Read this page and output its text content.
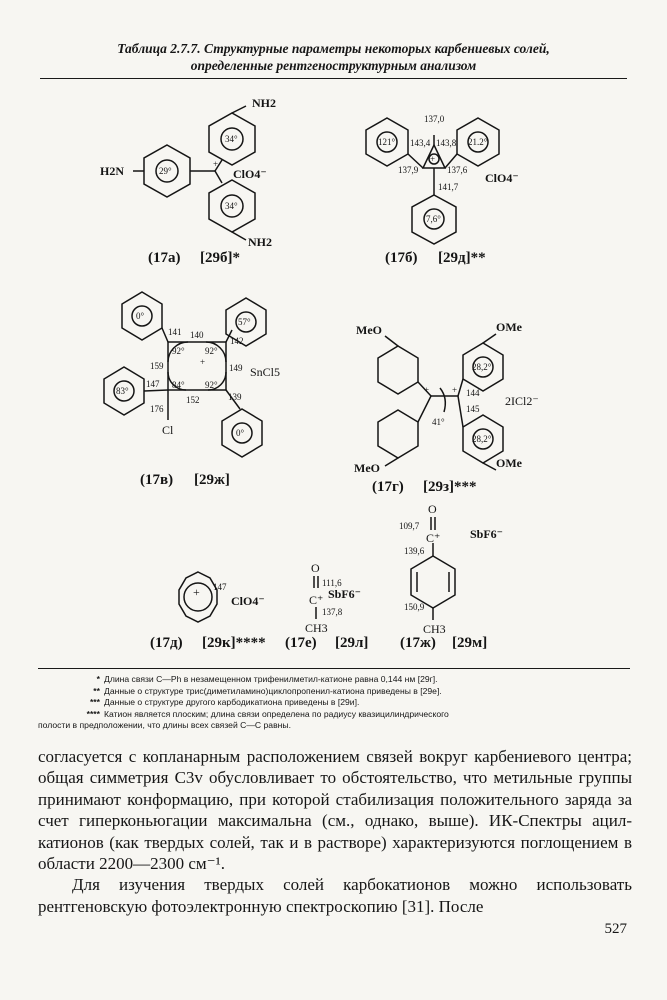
Таблица 2.7.7. Структурные параметры некоторых карбениевых солей,
определенные рентгеноструктурным анализом
NH2
H2N
NH2
ClO4⁻
+
34°
29°
34°
(17а) [29б]*
121°	21.2°
7,6°
137,0
143,4 143,8
137,9	137,6
141,7
+
ClO4⁻
(17б) [29д]**
0°
57°
83°
0°
92° 92°
84° 92°
141 140
142
159	149
147
152	139
176
+
SnCl5
Cl
(17в) [29ж]
MeO	OMe
MeO	OMe
28,2°
28,2°
144
145
41°
+	+
2ICl2⁻
(17г) [29з]***
+ 147
ClO4⁻
(17д) [29к]****
O
C⁺
CH3
SbF6⁻
111,6
137,8
(17е) [29л]
O
C⁺
CH3
SbF6⁻
109,7
139,6
150,9
(17ж) [29м]
* Длина связи C—Ph в незамещенном трифенилметил-катионе равна 0,144 нм [29г].
** Данные о структуре трис(диметиламино)циклопропенил-катиона приведены в [29е].
*** Данные о структуре другого карбодикатиона приведены в [29и].
**** Катион является плоским; длина связи определена по радиусу квазицилиндрического
полости в предположении, что длины всех связей C—C равны.

согласуется с копланарным расположением связей вокруг карбениевого центра; общая симметрия C3v обусловливает то обстоятельство, что метильные группы принимают конформацию, при которой стабилизация положительного заряда за счет гиперконьюгации максимальна (см., однако, выше). ИК-Спектры ацил-катионов (как твердых солей, так и в растворе) характеризуются поглощением в области 2200—2300 см⁻¹.

Для изучения твердых солей карбокатионов можно использовать рентгеновскую фотоэлектронную спектроскопию [31]. После

527
